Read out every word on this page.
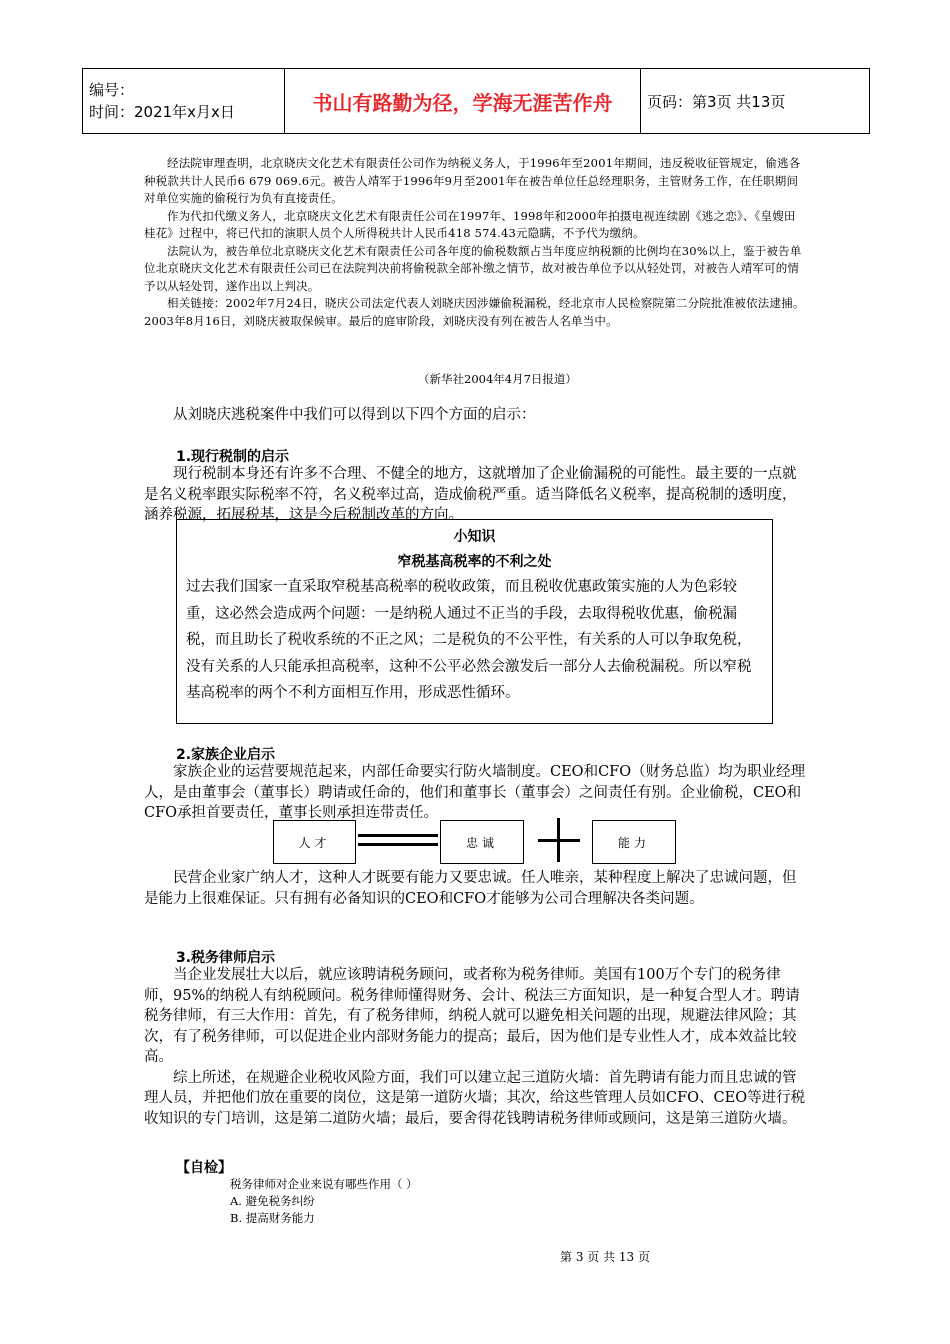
编号：
时间：2021年x月x日	书山有路勤为径，学海无涯苦作舟	页码：第3页 共13页

经法院审理查明，北京晓庆文化艺术有限责任公司作为纳税义务人，于1996年至2001年期间，违反税收征管规定，偷逃各种税款共计人民币6 679 069.6元。被告人靖军于1996年9月至2001年在被告单位任总经理职务，主管财务工作，在任职期间对单位实施的偷税行为负有直接责任。

作为代扣代缴义务人，北京晓庆文化艺术有限责任公司在1997年、1998年和2000年拍摄电视连续剧《逃之恋》、《皇嫂田桂花》过程中，将已代扣的演职人员个人所得税共计人民币418 574.43元隐瞒，不予代为缴纳。

法院认为，被告单位北京晓庆文化艺术有限责任公司各年度的偷税数额占当年度应纳税额的比例均在30%以上，鉴于被告单位北京晓庆文化艺术有限责任公司已在法院判决前将偷税款全部补缴之情节，故对被告单位予以从轻处罚，对被告人靖军可的情予以从轻处罚，遂作出以上判决。

相关链接：2002年7月24日，晓庆公司法定代表人刘晓庆因涉嫌偷税漏税，经北京市人民检察院第二分院批准被依法逮捕。2003年8月16日，刘晓庆被取保候审。最后的庭审阶段，刘晓庆没有列在被告人名单当中。

（新华社2004年4月7日报道）

从刘晓庆逃税案件中我们可以得到以下四个方面的启示：

1.现行税制的启示

现行税制本身还有许多不合理、不健全的地方，这就增加了企业偷漏税的可能性。最主要的一点就是名义税率跟实际税率不符，名义税率过高，造成偷税严重。适当降低名义税率，提高税制的透明度，涵养税源，拓展税基，这是今后税制改革的方向。

小知识
窄税基高税率的不利之处
过去我们国家一直采取窄税基高税率的税收政策，而且税收优惠政策实施的人为色彩较重，这必然会造成两个问题：一是纳税人通过不正当的手段，去取得税收优惠，偷税漏税，而且助长了税收系统的不正之风；二是税负的不公平性，有关系的人可以争取免税，没有关系的人只能承担高税率，这种不公平必然会激发后一部分人去偷税漏税。所以窄税基高税率的两个不利方面相互作用，形成恶性循环。
2.家族企业启示

家族企业的运营要规范起来，内部任命要实行防火墙制度。CEO和CFO（财务总监）均为职业经理人，是由董事会（董事长）聘请或任命的，他们和董事长（董事会）之间责任有别。企业偷税，CEO和CFO承担首要责任，董事长则承担连带责任。

人才	忠诚	能力

民营企业家广纳人才，这种人才既要有能力又要忠诚。任人唯亲，某种程度上解决了忠诚问题，但是能力上很难保证。只有拥有必备知识的CEO和CFO才能够为公司合理解决各类问题。

3.税务律师启示

当企业发展壮大以后，就应该聘请税务顾问，或者称为税务律师。美国有100万个专门的税务律师，95%的纳税人有纳税顾问。税务律师懂得财务、会计、税法三方面知识，是一种复合型人才。聘请税务律师，有三大作用：首先，有了税务律师，纳税人就可以避免相关问题的出现，规避法律风险；其次，有了税务律师，可以促进企业内部财务能力的提高；最后，因为他们是专业性人才，成本效益比较高。

综上所述，在规避企业税收风险方面，我们可以建立起三道防火墙：首先聘请有能力而且忠诚的管理人员，并把他们放在重要的岗位，这是第一道防火墙；其次，给这些管理人员如CFO、CEO等进行税收知识的专门培训，这是第二道防火墙；最后，要舍得花钱聘请税务律师或顾问，这是第三道防火墙。

【自检】
税务律师对企业来说有哪些作用（ ）
A. 避免税务纠纷
B. 提高财务能力
第 3 页 共 13 页
